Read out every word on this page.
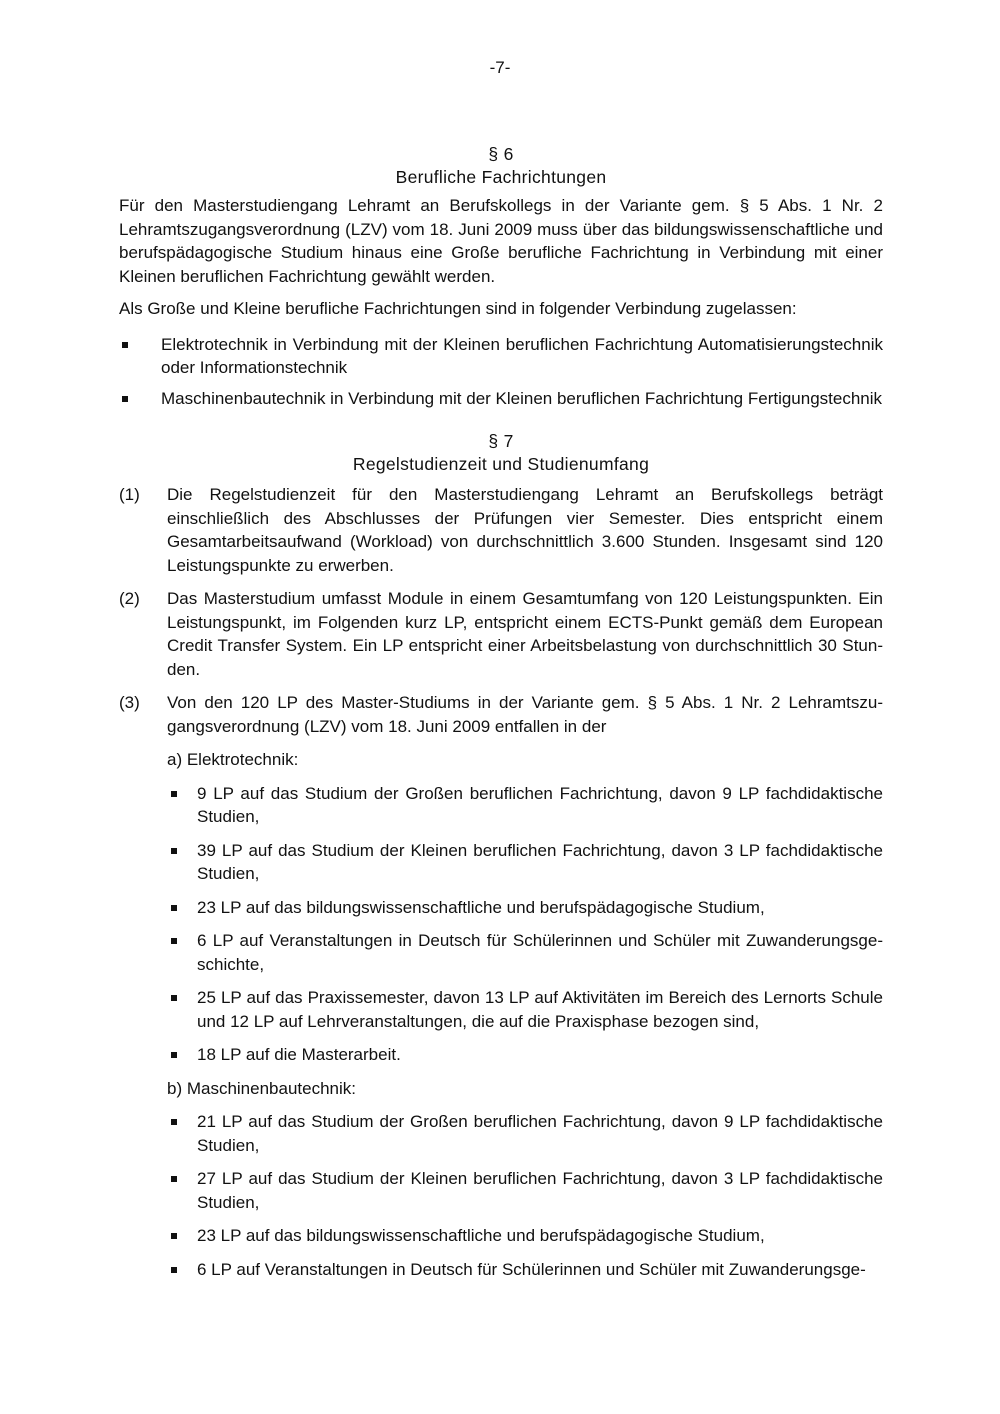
-7-
§ 6
Berufliche Fachrichtungen

Für den Masterstudiengang Lehramt an Berufskollegs in der Variante gem. § 5 Abs. 1 Nr. 2 Lehramtszugangsverordnung (LZV) vom 18. Juni 2009 muss über das bildungswissenschaftliche und berufspädagogische Studium hinaus eine Große berufliche Fachrichtung in Verbindung mit einer Kleinen beruflichen Fachrichtung gewählt werden.

Als Große und Kleine berufliche Fachrichtungen sind in folgender Verbindung zugelassen:

Elektrotechnik in Verbindung mit der Kleinen beruflichen Fachrichtung Automatisierungstechnik oder Informationstechnik
Maschinenbautechnik in Verbindung mit der Kleinen beruflichen Fachrichtung Fertigungstechnik
§ 7
Regelstudienzeit und Studienumfang
(1) Die Regelstudienzeit für den Masterstudiengang Lehramt an Berufskollegs beträgt einschließlich des Abschlusses der Prüfungen vier Semester. Dies entspricht einem Gesamtarbeitsaufwand (Workload) von durchschnittlich 3.600 Stunden. Insgesamt sind 120 Leistungspunkte zu erwerben.
(2) Das Masterstudium umfasst Module in einem Gesamtumfang von 120 Leistungspunkten. Ein Leistungspunkt, im Folgenden kurz LP, entspricht einem ECTS-Punkt gemäß dem European Credit Transfer System. Ein LP entspricht einer Arbeitsbelastung von durchschnittlich 30 Stunden.
(3) Von den 120 LP des Master-Studiums in der Variante gem. § 5 Abs. 1 Nr. 2 Lehramtszugangsverordnung (LZV) vom 18. Juni 2009 entfallen in der
a) Elektrotechnik:
9 LP auf das Studium der Großen beruflichen Fachrichtung, davon 9 LP fachdidaktische Studien,
39 LP auf das Studium der Kleinen beruflichen Fachrichtung, davon 3 LP fachdidaktische Studien,
23 LP auf das bildungswissenschaftliche und berufspädagogische Studium,
6 LP auf Veranstaltungen in Deutsch für Schülerinnen und Schüler mit Zuwanderungsgeschichte,
25 LP auf das Praxissemester, davon 13 LP auf Aktivitäten im Bereich des Lernorts Schule und 12 LP auf Lehrveranstaltungen, die auf die Praxisphase bezogen sind,
18 LP auf die Masterarbeit.
b) Maschinenbautechnik:
21 LP auf das Studium der Großen beruflichen Fachrichtung, davon 9 LP fachdidaktische Studien,
27 LP auf das Studium der Kleinen beruflichen Fachrichtung, davon 3 LP fachdidaktische Studien,
23 LP auf das bildungswissenschaftliche und berufspädagogische Studium,
6 LP auf Veranstaltungen in Deutsch für Schülerinnen und Schüler mit Zuwanderungsge-
